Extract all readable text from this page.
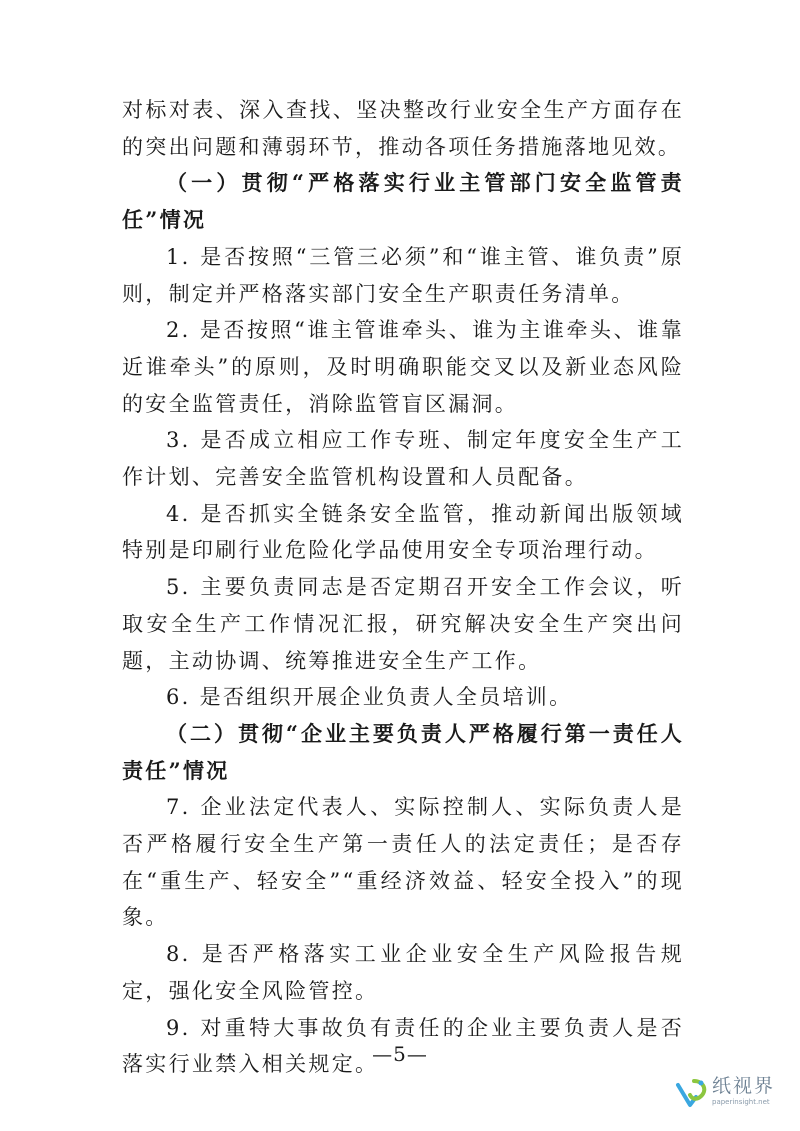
对标对表、深入查找、坚决整改行业安全生产方面存在的突出问题和薄弱环节，推动各项任务措施落地见效。

（一）贯彻“严格落实行业主管部门安全监管责任”情况

1. 是否按照“三管三必须”和“谁主管、谁负责”原则，制定并严格落实部门安全生产职责任务清单。

2. 是否按照“谁主管谁牵头、谁为主谁牵头、谁靠近谁牵头”的原则，及时明确职能交叉以及新业态风险的安全监管责任，消除监管盲区漏洞。

3. 是否成立相应工作专班、制定年度安全生产工作计划、完善安全监管机构设置和人员配备。

4. 是否抓实全链条安全监管，推动新闻出版领域特别是印刷行业危险化学品使用安全专项治理行动。

5. 主要负责同志是否定期召开安全工作会议，听取安全生产工作情况汇报，研究解决安全生产突出问题，主动协调、统筹推进安全生产工作。

6. 是否组织开展企业负责人全员培训。

（二）贯彻“企业主要负责人严格履行第一责任人责任”情况

7. 企业法定代表人、实际控制人、实际负责人是否严格履行安全生产第一责任人的法定责任；是否存在“重生产、轻安全”“重经济效益、轻安全投入”的现象。

8. 是否严格落实工业企业安全生产风险报告规定，强化安全风险管控。

9. 对重特大事故负有责任的企业主要负责人是否落实行业禁入相关规定。

—5—
纸视界
paperinsight.net
